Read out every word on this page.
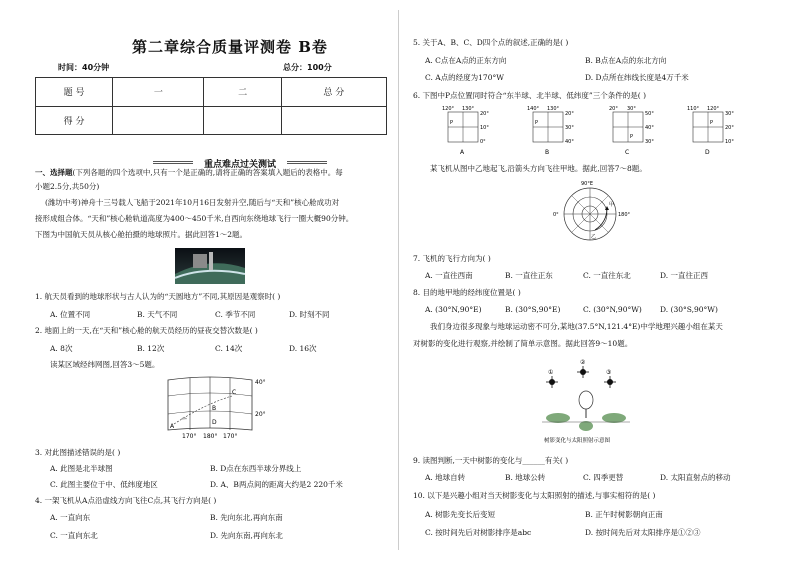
第二章综合质量评测卷 B卷
时间：40分钟	总分：100分
题 号	一	二	总 分
得 分			
重点难点过关测试
一、选择题(下列各题的四个选项中,只有一个是正确的,请将正确的答案填入题后的表格中。每
小题2.5分,共50分)
(潍坊中考)神舟十三号载人飞船于2021年10月16日发射升空,随后与“天和”核心舱成功对
接形成组合体。“天和”核心舱轨道高度为400～450千米,自西向东绕地球飞行一圈大概90分钟。
下图为中国航天员从核心舱拍摄的地球照片。据此回答1～2题。
1. 航天员看到的地球形状与古人认为的“天圆地方”不同,其原因是观察时( )
A. 位置不同	B. 天气不同	C. 季节不同	D. 时刻不同
2. 地面上的一天,在“天和”核心舱的航天员经历的昼夜交替次数是( )
A. 8次	B. 12次	C. 14次	D. 16次
读某区域经纬网图,回答3～5题。
40°
20°
170° 180° 170°
A
B
C
D
3. 对此图描述错误的是( )
A. 此图是北半球图	B. D点在东西半球分界线上
C. 此图主要位于中、低纬度地区	D. A、B两点间的距离大约是2 220千米
4. 一架飞机从A点沿虚线方向飞往C点,其飞行方向是( )
A. 一直向东	B. 先向东北,再向东南
C. 一直向东北	D. 先向东南,再向东北
5. 关于A、B、C、D四个点的叙述,正确的是( )
A. C点在A点的正东方向	B. B点在A点的东北方向
C. A点的经度为170°W	D. D点所在纬线长度是4万千米
6. 下图中P点位置同时符合“东半球、北半球、低纬度”三个条件的是( )
120° 130°
20°
10°
0°
P
A
140° 130°
20°
30°
40°
P
B
20° 30°
50°
40°
30°
P
C
110° 120°
30°
20°
10°
P
D
某飞机从图中乙地起飞,沿箭头方向飞往甲地。据此,回答7～8题。
90°E
0°	180°
甲
乙
7. 飞机的飞行方向为( )
A. 一直往西南	B. 一直往正东	C. 一直往东北	D. 一直往正西
8. 目的地甲地的经纬度位置是( )
A. (30°N,90°E)	B. (30°S,90°E)	C. (30°N,90°W) D. (30°S,90°W)
我们身边很多现象与地球运动密不可分,某地(37.5°N,121.4°E)中学地理兴趣小组在某天
对树影的变化进行观察,并绘制了简单示意图。据此回答9～10题。
②
①	③
树影变化与太阳照射示意图
9. 读图判断,一天中树影的变化与______有关( )
A. 地球自转	B. 地球公转	C. 四季更替	D. 太阳直射点的移动
10. 以下是兴趣小组对当天树影变化与太阳照射的描述,与事实相符的是( )
A. 树影先变长后变短	B. 正午时树影朝向正南
C. 按时间先后对树影排序是abc	D. 按时间先后对太阳排序是①②③
